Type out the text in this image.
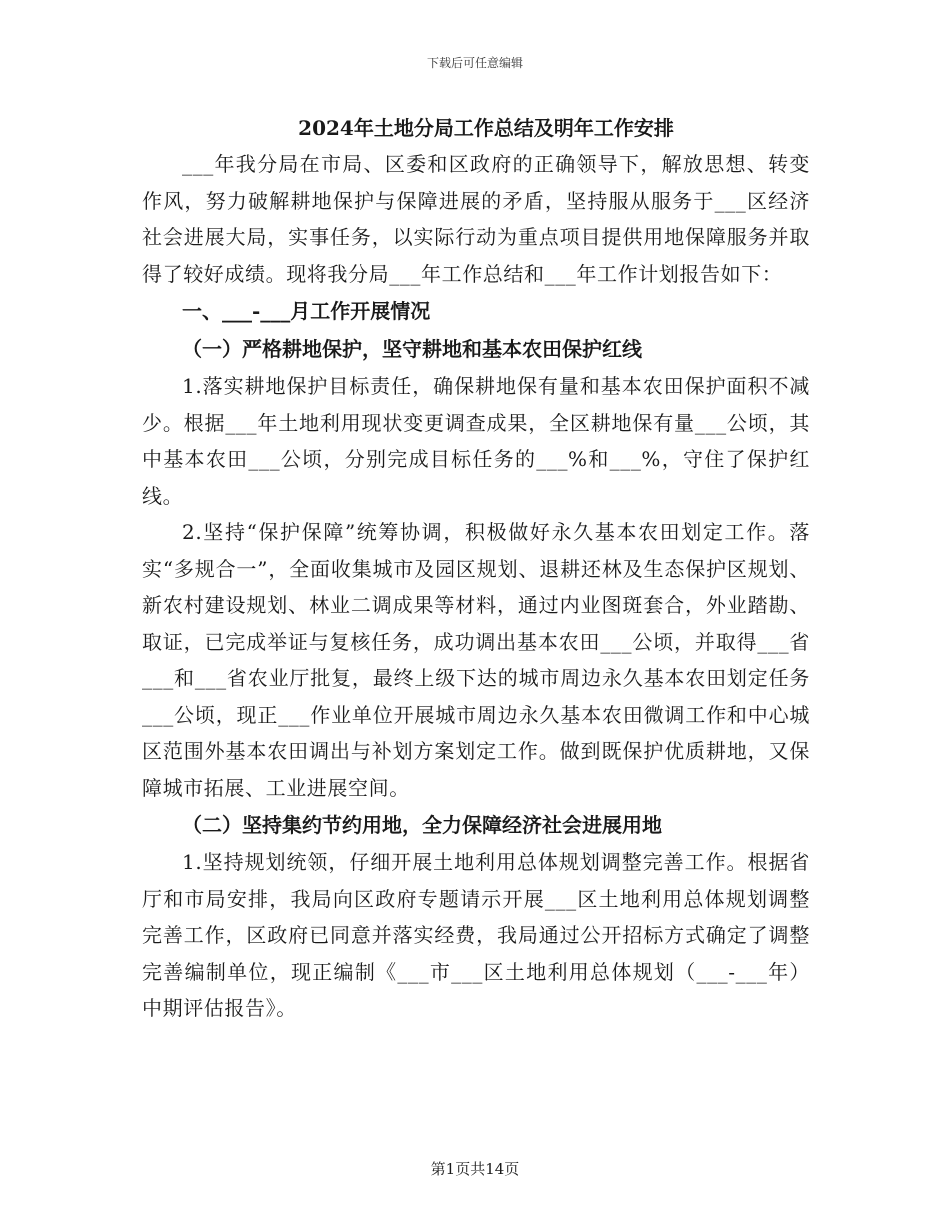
下载后可任意编辑

2024年土地分局工作总结及明年工作安排

___年我分局在市局、区委和区政府的正确领导下，解放思想、转变作风，努力破解耕地保护与保障进展的矛盾，坚持服从服务于___区经济社会进展大局，实事任务，以实际行动为重点项目提供用地保障服务并取得了较好成绩。现将我分局___年工作总结和___年工作计划报告如下：

一、___-___月工作开展情况

（一）严格耕地保护，坚守耕地和基本农田保护红线

1.落实耕地保护目标责任，确保耕地保有量和基本农田保护面积不减少。根据___年土地利用现状变更调查成果，全区耕地保有量___公顷，其中基本农田___公顷，分别完成目标任务的___%和___%，守住了保护红线。

2.坚持“保护保障”统筹协调，积极做好永久基本农田划定工作。落实“多规合一”，全面收集城市及园区规划、退耕还林及生态保护区规划、新农村建设规划、林业二调成果等材料，通过内业图斑套合，外业踏勘、取证，已完成举证与复核任务，成功调出基本农田___公顷，并取得___省___和___省农业厅批复，最终上级下达的城市周边永久基本农田划定任务___公顷，现正___作业单位开展城市周边永久基本农田微调工作和中心城区范围外基本农田调出与补划方案划定工作。做到既保护优质耕地，又保障城市拓展、工业进展空间。

（二）坚持集约节约用地，全力保障经济社会进展用地

1.坚持规划统领，仔细开展土地利用总体规划调整完善工作。根据省厅和市局安排，我局向区政府专题请示开展___区土地利用总体规划调整完善工作，区政府已同意并落实经费，我局通过公开招标方式确定了调整完善编制单位，现正编制《___市___区土地利用总体规划（___-___年）中期评估报告》。

第1页共14页
